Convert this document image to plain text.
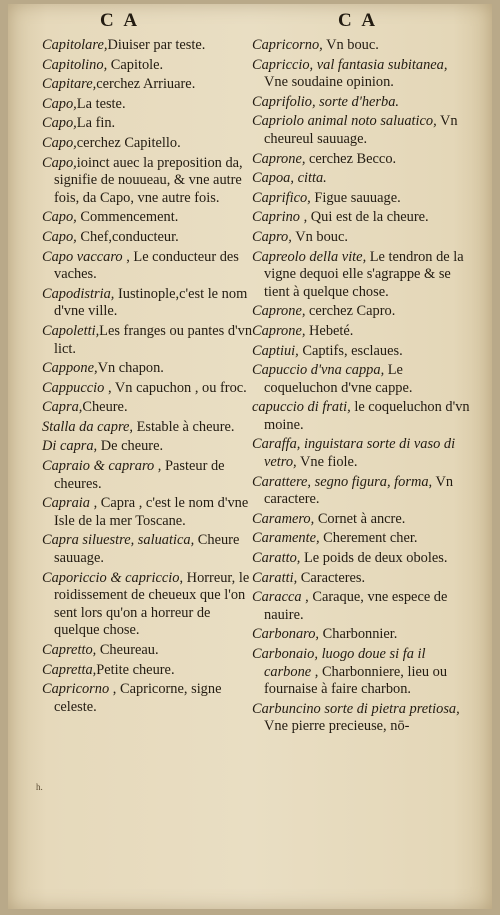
C A	C A

Capitolare,Diuiser par teste.

Capitolino, Capitole.

Capitare,cerchez Arriuare.

Capo,La teste.

Capo,La fin.

Capo,cerchez Capitello.

Capo,ioinct auec la preposition da, signifie de nouueau, & vne autre fois, da Capo, vne autre fois.

Capo, Commencement.

Capo, Chef,conducteur.

Capo vaccaro , Le conducteur des vaches.

Capodistria, Iustinople,c'est le nom d'vne ville.

Capoletti,Les franges ou pantes d'vn lict.

Cappone,Vn chapon.

Cappuccio , Vn capuchon , ou froc.

Capra,Cheure.

Stalla da capre, Estable à cheure.

Di capra, De cheure.

Capraio & capraro , Pasteur de cheures.

Capraia , Capra , c'est le nom d'vne Isle de la mer Toscane.

Capra siluestre, saluatica, Cheure sauuage.

Caporiccio & capriccio, Horreur, le roidissement de cheueux que l'on sent lors qu'on a horreur de quelque chose.

Capretto, Cheureau.

Capretta,Petite cheure.

Capricorno , Capricorne, signe celeste.

Capricorno, Vn bouc.

Capriccio, val fantasia subitanea, Vne soudaine opinion.

Caprifolio, sorte d'herba.

Capriolo animal noto saluatico, Vn cheureul sauuage.

Caprone, cerchez Becco.

Capoa, citta.

Caprifico, Figue sauuage.

Caprino , Qui est de la cheure.

Capro, Vn bouc.

Capreolo della vite, Le tendron de la vigne dequoi elle s'agrappe & se tient à quelque chose.

Caprone, cerchez Capro.

Caprone, Hebeté.

Captiui, Captifs, esclaues.

Capuccio d'vna cappa, Le coqueluchon d'vne cappe.

capuccio di frati, le coqueluchon d'vn moine.

Caraffa, inguistara sorte di vaso di vetro, Vne fiole.

Carattere, segno figura, forma, Vn caractere.

Caramero, Cornet à ancre.

Caramente, Cherement cher.

Caratto, Le poids de deux oboles.

Caratti, Caracteres.

Caracca , Caraque, vne espece de nauire.

Carbonaro, Charbonnier.

Carbonaio, luogo doue si fa il carbone , Charbonniere, lieu ou fournaise à faire charbon.

Carbuncino sorte di pietra pretiosa, Vne pierre precieuse, nō-

h.
